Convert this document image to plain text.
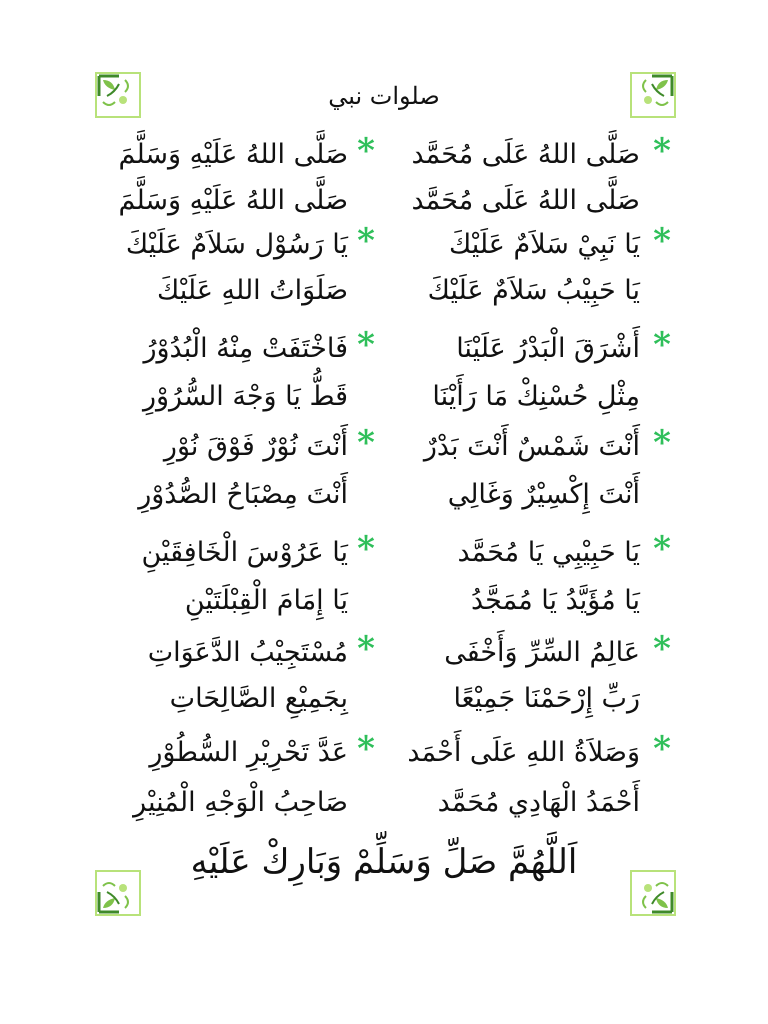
صلوات نبي
*
صَلَّى اللهُ عَلَى مُحَمَّد
*
صَلَّى اللهُ عَلَيْهِ وَسَلَّمَ
صَلَّى اللهُ عَلَى مُحَمَّد
صَلَّى اللهُ عَلَيْهِ وَسَلَّمَ
*
يَا نَبِيْ سَلاَمٌ عَلَيْكَ
*
يَا رَسُوْل سَلاَمٌ عَلَيْكَ
يَا حَبِيْبُ سَلاَمٌ عَلَيْكَ
صَلَوَاتُ اللهِ عَلَيْكَ
*
أَشْرَقَ الْبَدْرُ عَلَيْنَا
*
فَاخْتَفَتْ مِنْهُ الْبُدُوْرُ
مِثْلِ حُسْنِكْ مَا رَأَيْنَا
قَطُّ يَا وَجْهَ السُّرُوْرِ
*
أَنْتَ شَمْسٌ أَنْتَ بَدْرٌ
*
أَنْتَ نُوْرٌ فَوْقَ نُوْرِ
أَنْتَ إِكْسِيْرٌ وَغَالِي
أَنْتَ مِصْبَاحُ الصُّدُوْرِ
*
يَا حَبِيْبِي يَا مُحَمَّد
*
يَا عَرُوْسَ الْخَافِقَيْنِ
يَا مُؤَيَّدُ يَا مُمَجَّدُ
يَا إِمَامَ الْقِبْلَتَيْنِ
*
عَالِمُ السِّرِّ وَأَخْفَى
*
مُسْتَجِيْبُ الدَّعَوَاتِ
رَبِّ إِرْحَمْنَا جَمِيْعًا
بِجَمِيْعِ الصَّالِحَاتِ
*
وَصَلاَةُ اللهِ عَلَى أَحْمَد
*
عَدَّ تَحْرِيْرِ السُّطُوْرِ
أَحْمَدُ الْهَادِي مُحَمَّد
صَاحِبُ الْوَجْهِ الْمُنِيْرِ

اَللَّهُمَّ صَلِّ وَسَلِّمْ وَبَارِكْ عَلَيْهِ
